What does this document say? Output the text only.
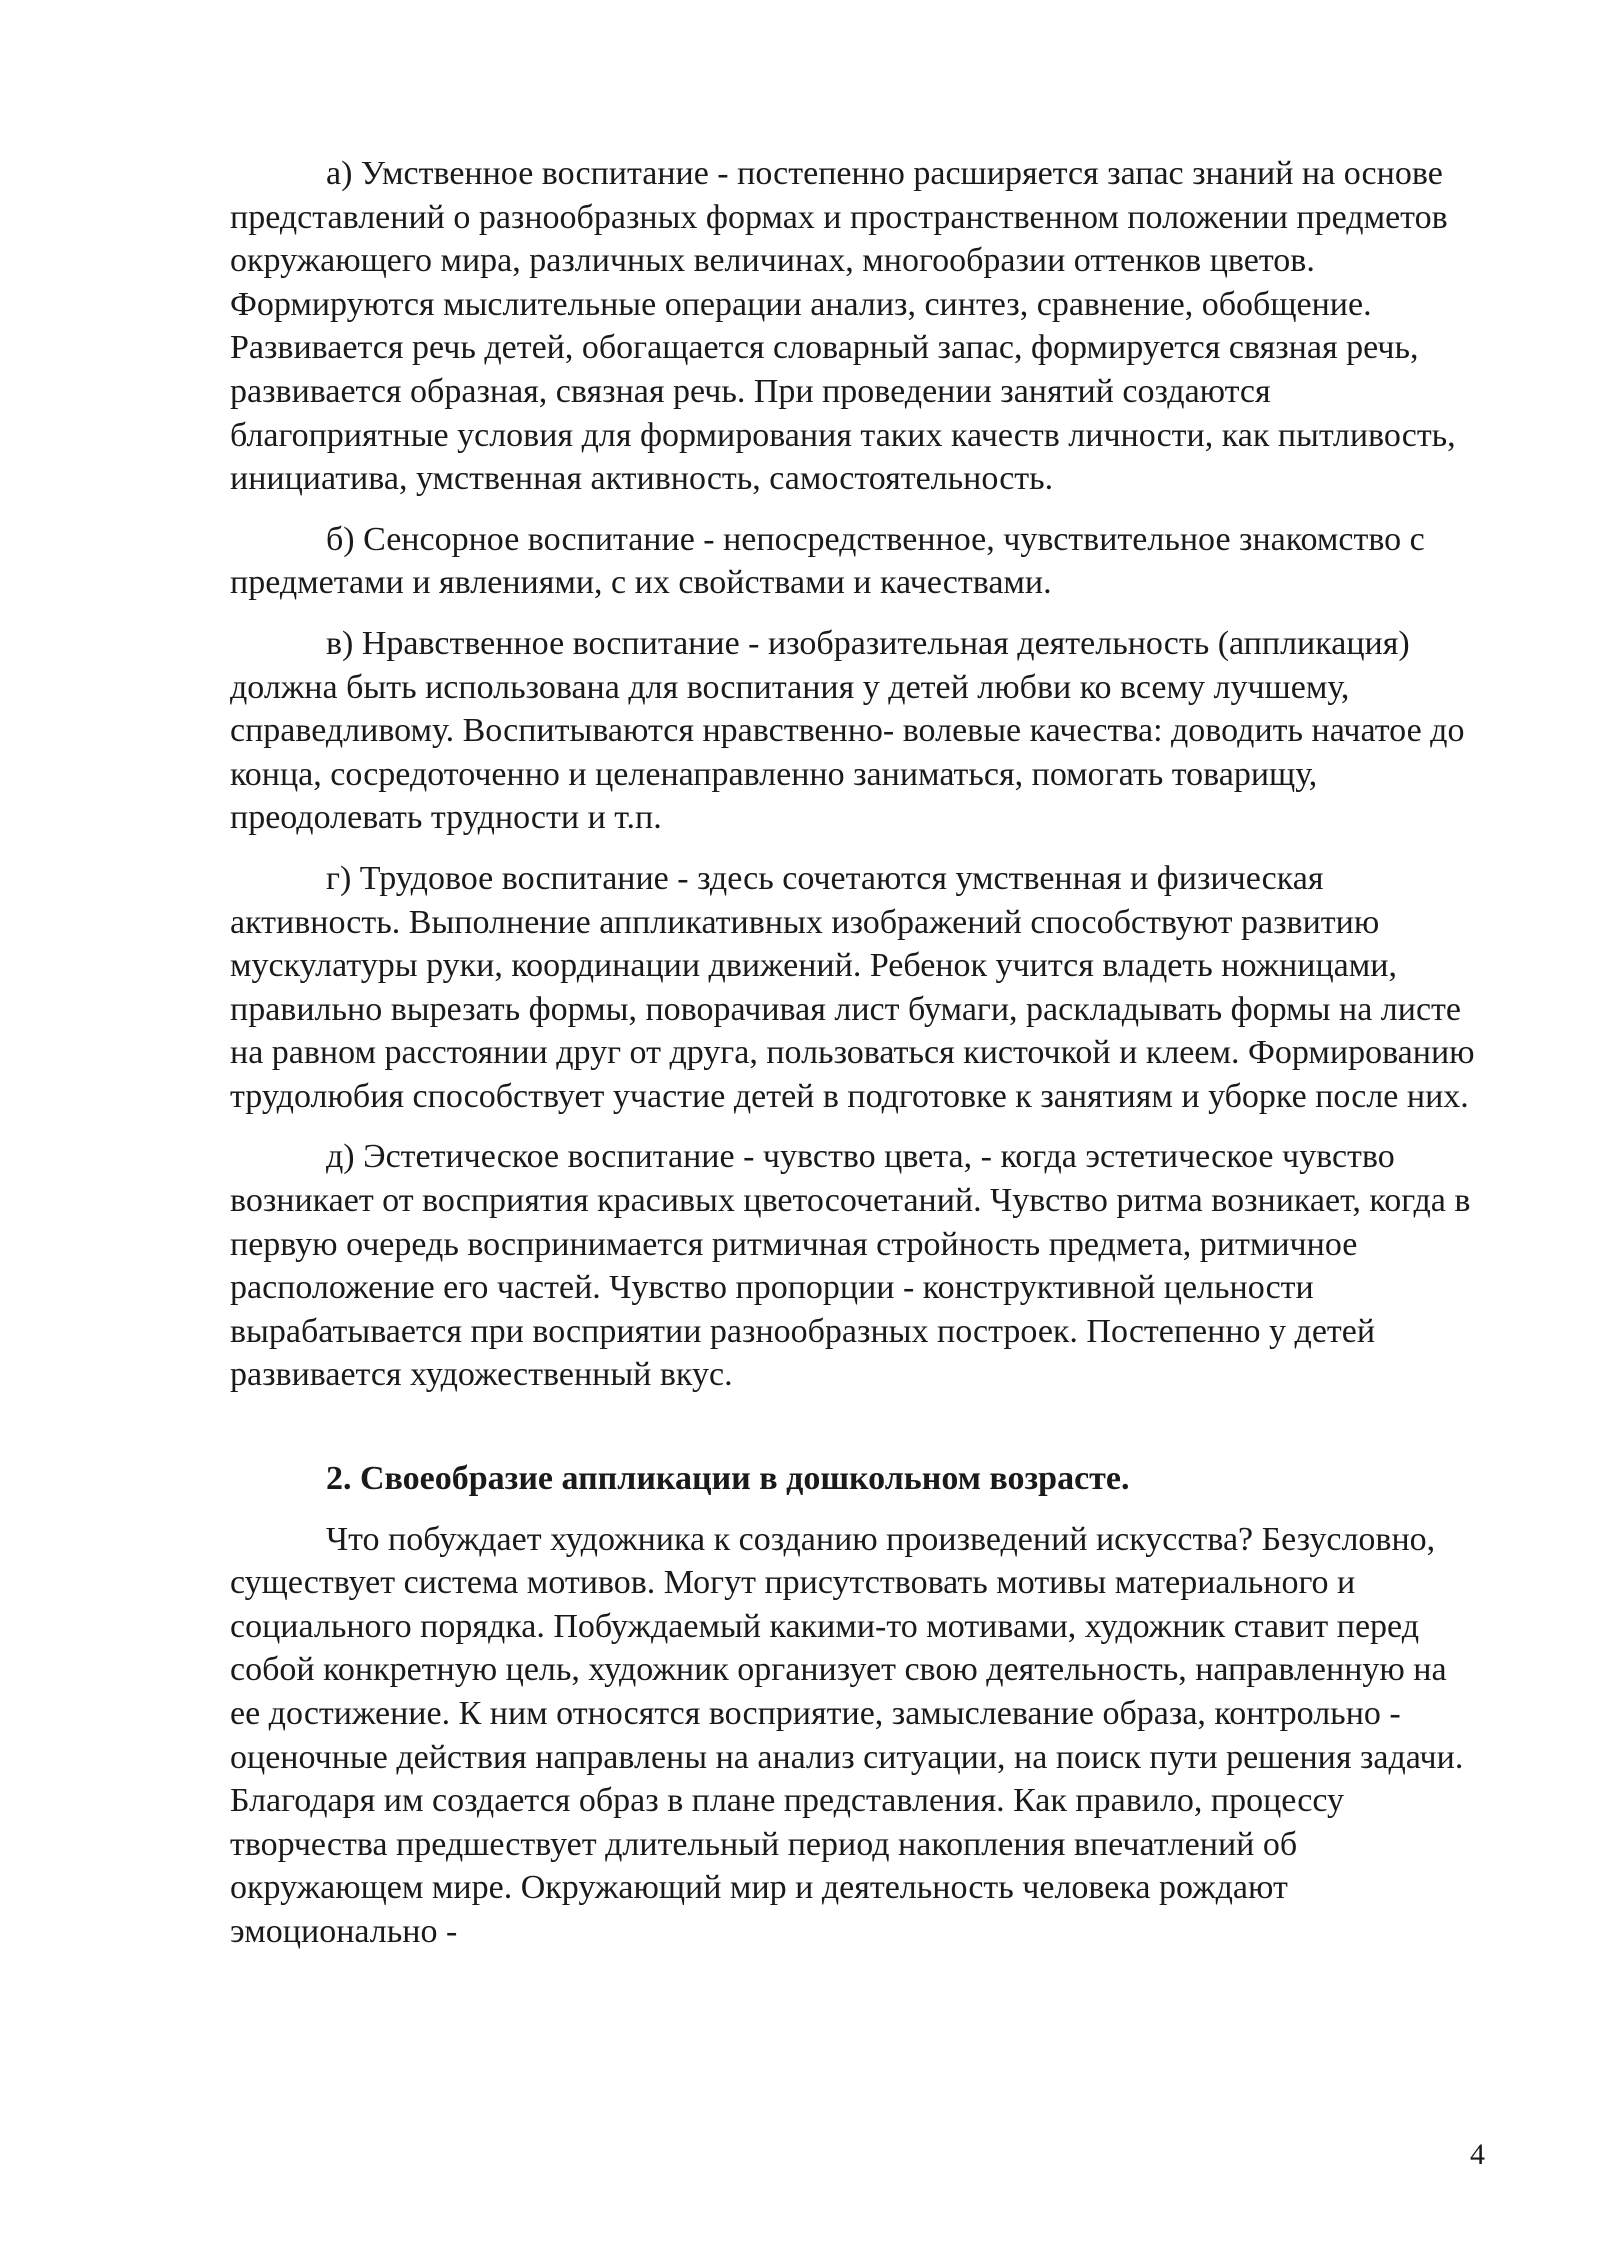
а) Умственное воспитание - постепенно расширяется запас знаний на основе представлений о разнообразных формах и пространственном положении предметов окружающего мира, различных величинах, многообразии оттенков цветов. Формируются мыслительные операции анализ, синтез, сравнение, обобщение. Развивается речь детей, обогащается словарный запас, формируется связная речь, развивается образная, связная речь. При проведении занятий создаются благоприятные условия для формирования таких качеств личности, как пытливость, инициатива, умственная активность, самостоятельность.

б) Сенсорное воспитание - непосредственное, чувствительное знакомство с предметами и явлениями, с их свойствами и качествами.

в) Нравственное воспитание - изобразительная деятельность (аппликация) должна быть использована для воспитания у детей любви ко всему лучшему, справедливому. Воспитываются нравственно- волевые качества: доводить начатое до конца, сосредоточенно и целенаправленно заниматься, помогать товарищу, преодолевать трудности и т.п.

г) Трудовое воспитание - здесь сочетаются умственная и физическая активность. Выполнение аппликативных изображений способствуют развитию мускулатуры руки, координации движений. Ребенок учится владеть ножницами, правильно вырезать формы, поворачивая лист бумаги, раскладывать формы на листе на равном расстоянии друг от друга, пользоваться кисточкой и клеем. Формированию трудолюбия способствует участие детей в подготовке к занятиям и уборке после них.

д) Эстетическое воспитание - чувство цвета, - когда эстетическое чувство возникает от восприятия красивых цветосочетаний. Чувство ритма возникает, когда в первую очередь воспринимается ритмичная стройность предмета, ритмичное расположение его частей. Чувство пропорции - конструктивной цельности вырабатывается при восприятии разнообразных построек. Постепенно у детей развивается художественный вкус.

2. Своеобразие аппликации в дошкольном возрасте.

Что побуждает художника к созданию произведений искусства? Безусловно, существует система мотивов. Могут присутствовать мотивы материального и социального порядка. Побуждаемый какими-то мотивами, художник ставит перед собой конкретную цель, художник организует свою деятельность, направленную на ее достижение. К ним относятся восприятие, замыслевание образа, контрольно - оценочные действия направлены на анализ ситуации, на поиск пути решения задачи. Благодаря им создается образ в плане представления. Как правило, процессу творчества предшествует длительный период накопления впечатлений об окружающем мире. Окружающий мир и деятельность человека рождают эмоционально -

4
